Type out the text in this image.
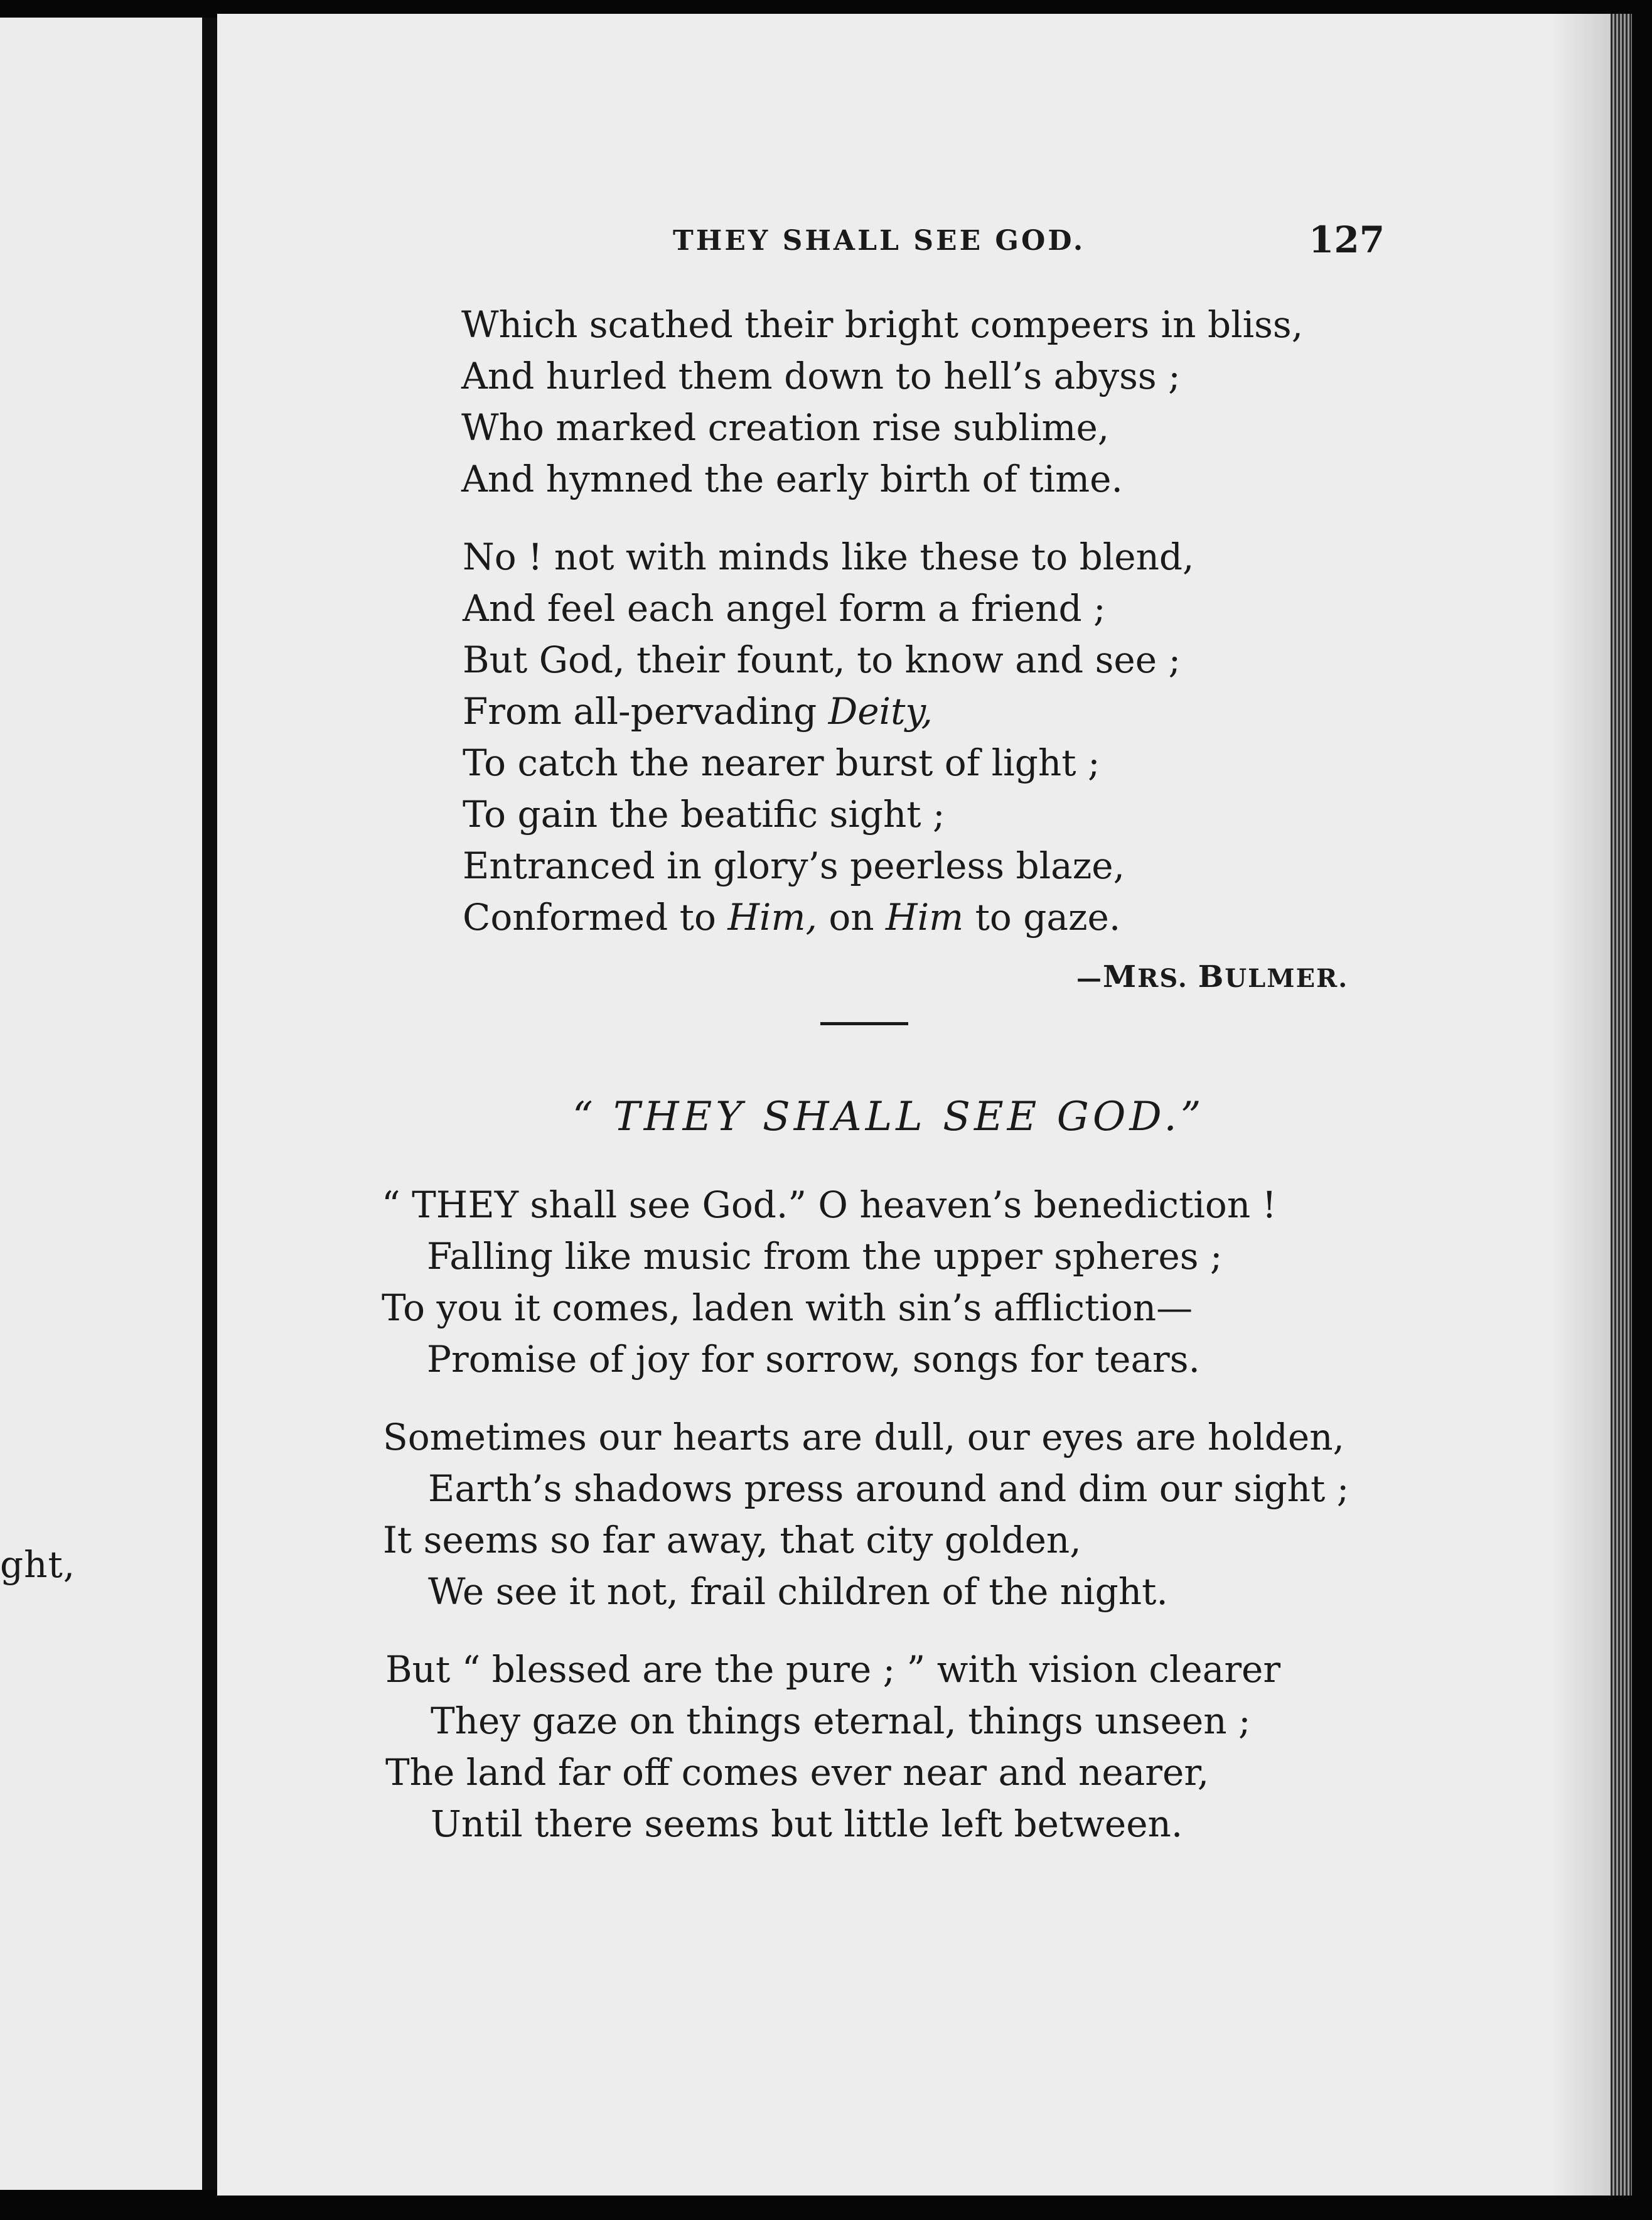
ght,
THEY SHALL SEE GOD.	127
Which scathed their bright compeers in bliss,
And hurled them down to hell’s abyss ;
Who marked creation rise sublime,
And hymned the early birth of time.
No ! not with minds like these to blend,
And feel each angel form a friend ;
But God, their fount, to know and see ;
From all-pervading Deity,
To catch the nearer burst of light ;
To gain the beatific sight ;
Entranced in glory’s peerless blaze,
Conformed to Him, on Him to gaze.
—MRS. BULMER.
“ THEY SHALL SEE GOD.”
“ THEY shall see God.” O heaven’s benediction !
Falling like music from the upper spheres ;
To you it comes, laden with sin’s affliction—
Promise of joy for sorrow, songs for tears.
Sometimes our hearts are dull, our eyes are holden,
Earth’s shadows press around and dim our sight ;
It seems so far away, that city golden,
We see it not, frail children of the night.
But “ blessed are the pure ; ” with vision clearer
They gaze on things eternal, things unseen ;
The land far off comes ever near and nearer,
Until there seems but little left between.
